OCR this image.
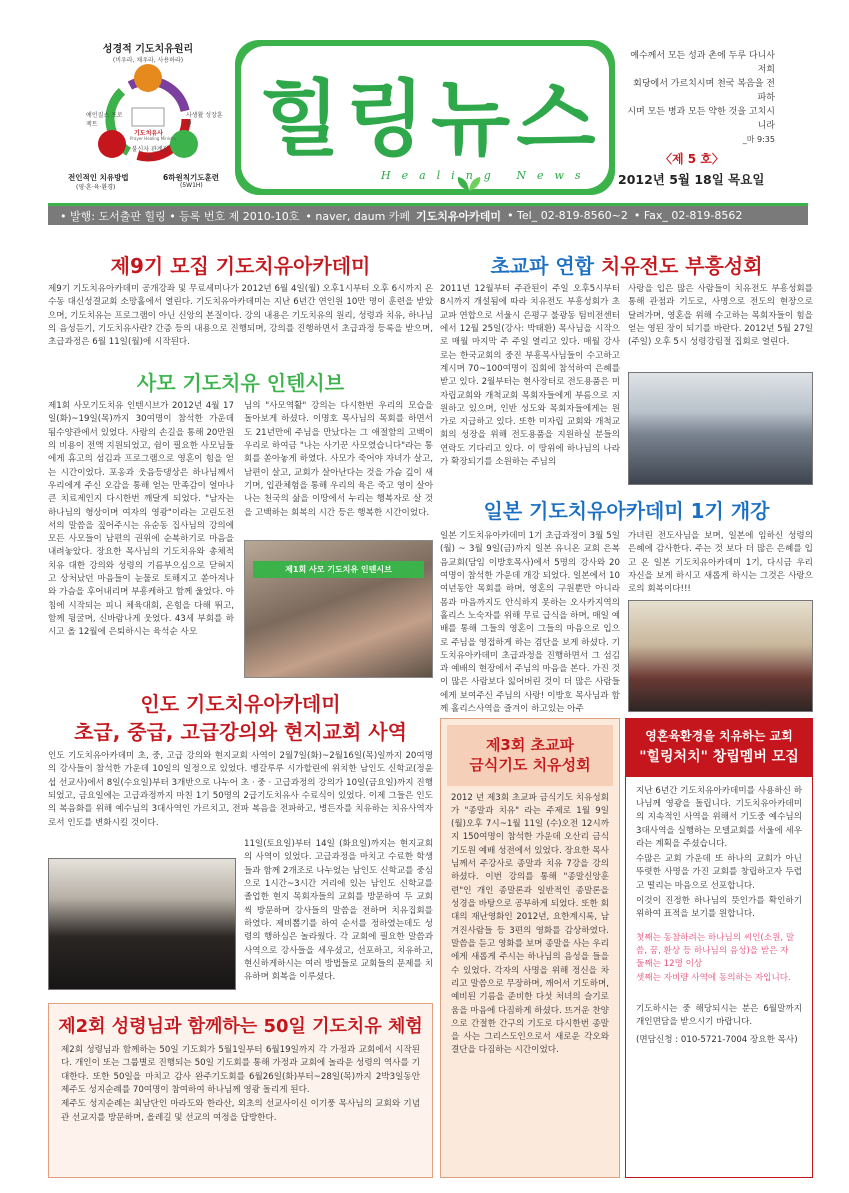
성경적 기도치유원리
(비우라, 채우라, 사용하라)
중급
고급	초급
예언질스 프로젝트
사생활 성장훈련
불신자 관계전도
기도치유사
Prayer Healing Ministry
전인적인 치유방법
(영·혼·육·환경)
6하원칙기도훈련
(5W1H)
힐링뉴스
Healing News
예수께서 모든 성과 촌에 두루 다니사 저희
회당에서 가르치시며 천국 복음을 전파하
시며 모든 병과 모든 약한 것을 고치시니라
_마 9:35
〈제 5 호〉
2012년 5월 18일 목요일
• 발행: 도서출판 힐링 • 등록 번호 제 2010-10호 • naver, daum 카페 기도치유아카데미 • Tel_ 02-819-8560~2 • Fax_ 02-819-8562
제9기 모집 기도치유아카데미

제9기 기도치유아카데미 공개강좌 및 무료세미나가 2012년 6월 4일(월) 오후1시부터 오후 6시까지 온수동 대신성결교회 소망홀에서 열린다. 기도치유아카데미는 지난 6년간 연인원 10만 명이 훈련을 받았으며, 기도치유는 프로그램이 아닌 신앙의 본질이다. 강의 내용은 기도치유의 원리, 성령과 치유, 하나님의 음성듣기, 기도치유사란? 간증 등의 내용으로 진행되며, 강의를 진행하면서 초급과정 등록을 받으며, 초급과정은 6월 11일(월)에 시작된다.

사모 기도치유 인텐시브

제1회 사모기도치유 인텐시브가 2012년 4월 17일(화)~19일(목)까지 30여명이 참석한 가운데 됨수양관에서 있었다. 사랑의 손길을 통해 20만원의 비용이 전액 지원되었고, 쉼이 필요한 사모님들에게 휴고의 섬김과 프로그램으로 영혼이 힘을 얻는 시간이었다. 포옹과 웃음등댕상은 하나님께서 우리에게 주신 오감을 통해 얻는 만족감이 얼마나 큰 치료제인지 다시한번 깨달게 되었다. "남자는 하나님의 형상이며 여자의 영광"이라는 고린도전서의 말씀을 짚어주시는 유순동 집사님의 강의에 모든 사모들이 남편의 권위에 순복하기로 마음을 내려놓았다. 장요한 목사님의 기도치유와 총체적치유 대한 강의와 성령의 기름부으심으로 닫혀지고 상처났던 마음들이 눈물로 토해지고 쏟아져나와 가슴을 후어내리며 부흥케하고 함께 울었다. 아침에 시작되는 피니 체육대회, 온힘을 다해 뛰고, 함께 뒹굴며, 신바람나게 웃었다. 43세 부회를 하시고 올 12월에 은퇴하시는 육석순 사모

님의 "사모역활" 강의는 다시한번 우리의 모습을 돌아보게 하셨다. 이명호 목사님의 목회를 하면서도 21년만에 주님을 만났다는 그 애절함의 고백이 우리로 하여금 "나는 사기꾼 사모였습니다"라는 통회를 쏟아놓게 하였다. 사모가 죽어야 자녀가 살고, 남편이 살고, 교회가 살아난다는 것을 가슴 깊이 새기며, 입관체험을 통해 우리의 육은 죽고 영이 살아나는 천국의 삶을 이땅에서 누리는 행복자로 살 것을 고백하는 회복의 시간 등은 행복한 시간이었다.

제1회 사모 기도치유 인텐시브
초교파 연합 치유전도 부흥성회

2011년 12월부터 주관된이 주일 오후5시부터 8시까지 개설됨에 따라 치유전도 부흥성회가 초교파 연합으로 서울시 은평구 불광동 팀비전센터에서 12월 25일(강사: 박태환) 목사님을 시작으로 매월 마지막 주 주일 열리고 있다. 매월 강사로는 한국교회의 중진 부흥목사님들이 수고하고 계시며 70~100여명이 집회에 참석하여 은혜를 받고 있다. 2월부터는 현사장터로 전도용품은 미자립교회와 개척교회 목회자들에게 부름으로 지원하고 있으며, 인반 성도와 목회자들에게는 원가로 지급하고 있다. 또한 미자립 교회와 개척교회의 성장을 위해 전도용품을 지원하실 분들의 연락도 기다리고 있다. 이 땅위에 하나님의 나라가 확장되기를 소원하는 주님의

사랑을 입은 많은 사람들이 치유전도 부흥성회를 통해 관점과 기도로, 사명으로 전도의 현장으로 달려가며, 영혼을 위해 수고하는 목회자들이 힘을 얻는 영된 장이 되기를 바란다. 2012년 5월 27일(주일) 오후 5시 성령강림절 집회로 열린다.

일본 기도치유아카데미 1기 개강

일본 기도치유아카데미 1기 초급과정이 3월 5일(월) ~ 3월 9일(금)까지 일본 유니온 교회 은복음교회(담임 이방호목사)에서 5명의 강사와 20여명이 참석한 가운데 개강 되었다. 일본에서 10여년동안 목회를 하며, 영혼의 구원뿐만 아니라 몸과 마음까지도 안식하지 못하는 오사카지역의 홀리스 노숙자를 위해 무료 급식을 하며, 매일 예배를 통해 그들의 영혼이 그들의 마음으로 입으로 주님을 영접하게 하는 겸단을 보게 하셨다. 기도치유아카데미 초급과정을 진행하면서 그 섬김과 예배의 현장에서 주님의 마음을 본다. 가진 것이 많은 사람보다 잃어버린 것이 더 많은 사람들에게 보여주신 주님의 사랑! 이방호 목사님과 함께 홀리스사역을 즐겨이 하고있는 아주

가녀린 전도사님을 보며, 일본에 임하신 성령의 은혜에 감사한다. 주는 것 보다 더 많은 은혜를 입고 온 일본 기도치유아카데미 1기, 다시금 우리 자신을 보게 하시고 새롭게 하시는 그것은 사랑으로의 회복이다!!!

인도 기도치유아카데미
초급, 중급, 고급강의와 현지교회 사역

인도 기도치유아카데미 초, 중, 고급 강의와 현지교회 사역이 2월7일(화)~2월16일(목)일까지 20여명의 강사들이 참석한 가운데 10일의 일정으로 있었다. 벵갈루루 시가할린에 위치한 남인도 신학교(정윤섭 선교사)에서 8일(수요일)부터 3개반으로 나누어 초 · 중 · 고급과정의 강의가 10일(금요일)까지 진행되었고, 금요일에는 고급과정까지 마친 1기 50명의 2급기도치유사 수료식이 있었다. 이제 그들은 인도의 복음화를 위해 예수님의 3대사역인 가르치고, 전파 복음을 전파하고, 병든자를 치유하는 치유사역자로서 인도를 변화시킬 것이다.

11일(토요일)부터 14일 (화요일)까지는 현지교회의 사역이 있었다. 고급과정을 마치고 수료한 학생들과 함께 2개조로 나누었는 남인도 신학교를 중심으로 1시간~3시간 거리에 있는 남인도 신학교를 졸업한 현지 목회자들의 교회를 방문하여 두 교회씩 방문하며 강사들의 말씀을 전하며 치유집회를 하였다. 제비뽑기를 하여 순서를 정하였는데도 성령의 행하심은 놀라웠다. 각 교회에 필요한 말씀과 사역으로 강사들을 세우셨고, 선포하고, 치유하고, 현신하게하시는 여러 방법들로 교회들의 문제를 치유하며 회복을 이루셨다.

제3회 초교파
금식기도 치유성회

2012 년 제3회 초교파 금식기도 치유성회가 "종말과 치유" 라는 주제로 1월 9일(월)오후 7시~1월 11일 (수)오전 12시까지 150여명이 참석한 가운데 오산리 금식 기도원 예배 성전에서 있었다. 장요한 목사님께서 주강사로 종말과 치유 7강을 강의 하셨다. 이번 강의를 통해 "종말신앙훈련"인 개인 종말론과 일반적인 종말론을 성경을 바탕으로 공부하게 되었다. 또한 회대의 재난영화인 2012년, 요한계시록, 남겨진사람들 등 3편의 영화를 감상하였다. 말씀을 듣고 영화를 보며 종말을 사는 우리에게 새롭게 주시는 하나님의 음성을 들을 수 있었다. 각자의 사명을 위해 정신을 차리고 말씀으로 무장하며, 깨어서 기도하며, 예비된 기름을 준비한 다섯 처녀의 슬기로움을 마음에 다짐하게 하셨다. 뜨거운 찬양으로 간절한 간구의 기도로 다시한번 종말을 사는 그리스도인으로서 새로운 각오와 결단을 다짐하는 시간이었다.

영혼육환경을 치유하는 교회
"힐링처치" 창립멤버 모집

지난 6년간 기도치유아카데미를 사용하신 하나님께 영광을 돌립니다. 기도치유아카데미의 지속적인 사역을 위해서 기도중 예수님의 3대사역을 실행하는 모델교회를 서울에 세우라는 계획을 주셨습니다.

수많은 교회 가운데 또 하나의 교회가 아닌 뚜렷한 사명을 가진 교회를 창립하고자 두렵고 떨리는 마음으로 선포합니다.

이것이 진정한 하나님의 뜻인가를 확인하기 위하여 표적을 보기를 원합니다.

첫째는 동참하려는 하나님의 씨인(소원, 말씀, 꿈, 환상 등 하나님의 음성)을 받은 자
둘째는 12명 이상
셋째는 자비량 사역에 동의하는 자입니다.

기도하시는 중 해당되시는 분은 6월말까지 개인면담을 받으시기 바랍니다.

(면담신청 : 010-5721-7004 장요한 목사)

제2회 성령님과 함께하는 50일 기도치유 체험

제2회 성령님과 함께하는 50일 기도회가 5월1일부터 6월19일까지 각 가정과 교회에서 시작된다. 개인이 또는 그룹별로 진행되는 50일 기도회를 통해 가정과 교회에 놀라운 성령의 역사를 기대한다. 또한 50일을 마치고 감사 완주기도회를 6월26일(화)부터~28일(목)까지 2박3일동안 제주도 성지순례를 70여명이 참여하여 하나님께 영광 돌리게 된다.

제주도 성지순례는 최남단인 마라도와 한라산, 외초의 선교사이신 이기풍 목사님의 교회와 기념관 선교지를 방문하며, 올레길 및 선교의 여정을 답방한다.
